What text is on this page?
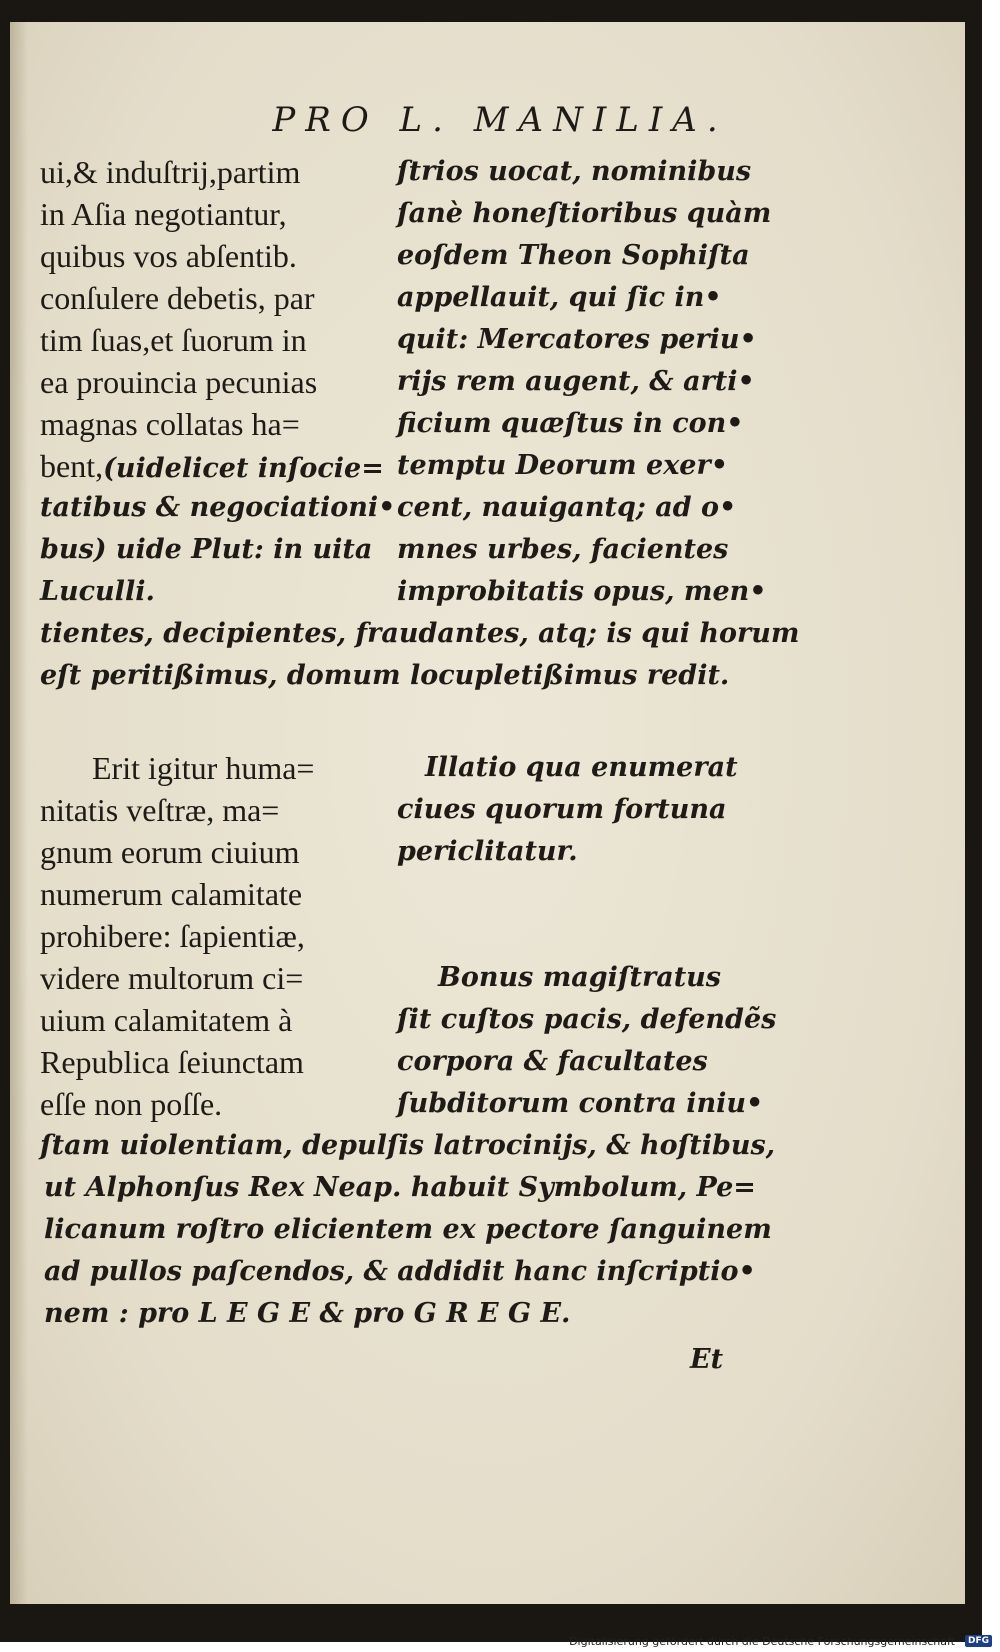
PRO L. MANILIA.
ui,& induſtrij,partim
in Aſia negotiantur,
quibus vos abſentib.
conſulere debetis, par
tim ſuas,et ſuorum in
ea prouincia pecunias
magnas collatas ha=
bent,(uidelicet inſocie=
tatibus & negociationi•
bus) uide Plut: in uita
Luculli.
ſtrios uocat, nominibus
ſanè honeſtioribus quàm
eoſdem Theon Sophiſta
appellauit, qui ſic in•
quit: Mercatores periu•
rijs rem augent, & arti•
ficium quæſtus in con•
temptu Deorum exer•
cent, nauigantq; ad o•
mnes urbes, facientes
improbitatis opus, men•
tientes, decipientes, fraudantes, atq; is qui horum
eſt peritißimus, domum locupletißimus redit.
Erit igitur huma=
nitatis veſtræ, ma=
gnum eorum ciuium
numerum calamitate
prohibere: ſapientiæ,
videre multorum ci=
uium calamitatem à
Republica ſeiunctam
eſſe non poſſe.
Illatio qua enumerat
ciues quorum fortuna
periclitatur.
Bonus magiſtratus
ſit cuſtos pacis, defendẽs
corpora & facultates
ſubditorum contra iniu•
ſtam uiolentiam, depulſis latrocinijs, & hoſtibus,
ut Alphonſus Rex Neap. habuit Symbolum, Pe=
licanum roſtro elicientem ex pectore ſanguinem
ad pullos paſcendos, & addidit hanc inſcriptio•
nem : pro L E G E & pro G R E G E.
Et
Digitalisierung gefördert durch die Deutsche Forschungsgemeinschaft · DFG
